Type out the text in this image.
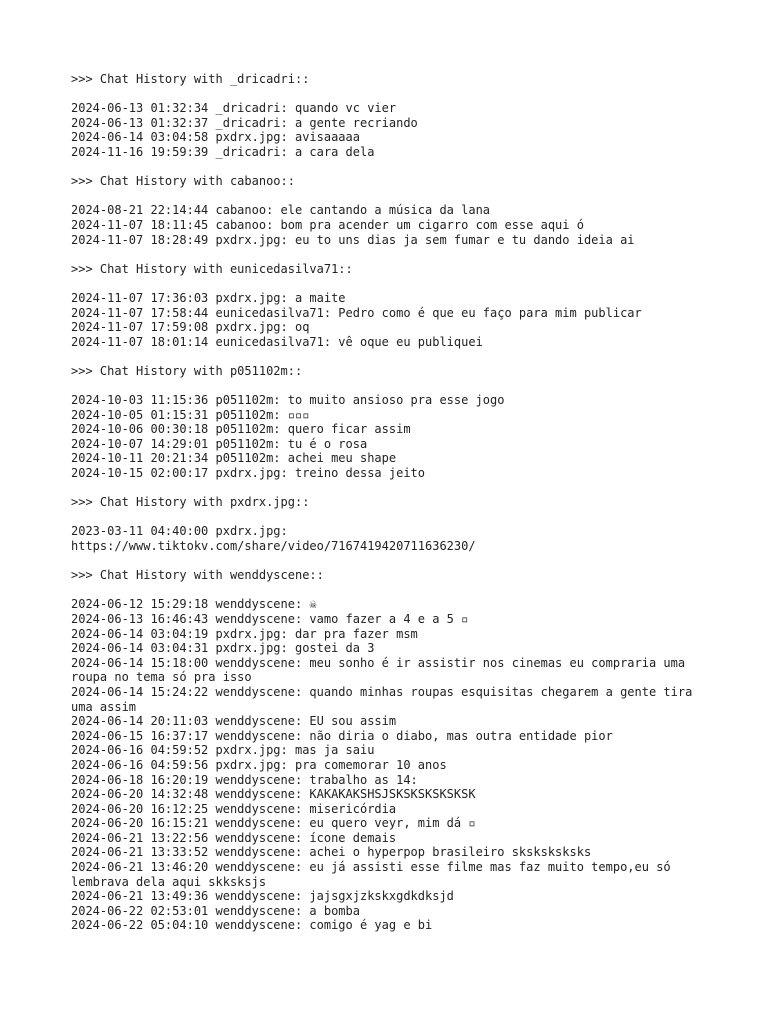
>>> Chat History with _dricadri::
2024-06-13 01:32:34 _dricadri: quando vc vier
2024-06-13 01:32:37 _dricadri: a gente recriando
2024-06-14 03:04:58 pxdrx.jpg: avisaaaaa
2024-11-16 19:59:39 _dricadri: a cara dela
>>> Chat History with cabanoo::
2024-08-21 22:14:44 cabanoo: ele cantando a música da lana
2024-11-07 18:11:45 cabanoo: bom pra acender um cigarro com esse aqui ó
2024-11-07 18:28:49 pxdrx.jpg: eu to uns dias ja sem fumar e tu dando ideia ai
>>> Chat History with eunicedasilva71::
2024-11-07 17:36:03 pxdrx.jpg: a maite
2024-11-07 17:58:44 eunicedasilva71: Pedro como é que eu faço para mim publicar
2024-11-07 17:59:08 pxdrx.jpg: oq
2024-11-07 18:01:14 eunicedasilva71: vê oque eu publiquei
>>> Chat History with p051102m::
2024-10-03 11:15:36 p051102m: to muito ansioso pra esse jogo
2024-10-05 01:15:31 p051102m: ▫▫▫
2024-10-06 00:30:18 p051102m: quero ficar assim
2024-10-07 14:29:01 p051102m: tu é o rosa
2024-10-11 20:21:34 p051102m: achei meu shape
2024-10-15 02:00:17 pxdrx.jpg: treino dessa jeito
>>> Chat History with pxdrx.jpg::
2023-03-11 04:40:00 pxdrx.jpg:
https://www.tiktokv.com/share/video/7167419420711636230/
>>> Chat History with wenddyscene::
2024-06-12 15:29:18 wenddyscene: ☠
2024-06-13 16:46:43 wenddyscene: vamo fazer a 4 e a 5 ▫
2024-06-14 03:04:19 pxdrx.jpg: dar pra fazer msm
2024-06-14 03:04:31 pxdrx.jpg: gostei da 3
2024-06-14 15:18:00 wenddyscene: meu sonho é ir assistir nos cinemas eu compraria uma roupa no tema só pra isso
2024-06-14 15:24:22 wenddyscene: quando minhas roupas esquisitas chegarem a gente tira uma assim
2024-06-14 20:11:03 wenddyscene: EU sou assim
2024-06-15 16:37:17 wenddyscene: não diria o diabo, mas outra entidade pior
2024-06-16 04:59:52 pxdrx.jpg: mas ja saiu
2024-06-16 04:59:56 pxdrx.jpg: pra comemorar 10 anos
2024-06-18 16:20:19 wenddyscene: trabalho as 14:
2024-06-20 14:32:48 wenddyscene: KAKAKAKSHSJSKSKSKSKSKSK
2024-06-20 16:12:25 wenddyscene: misericórdia
2024-06-20 16:15:21 wenddyscene: eu quero veyr, mim dá ▫
2024-06-21 13:22:56 wenddyscene: ícone demais
2024-06-21 13:33:52 wenddyscene: achei o hyperpop brasileiro sksksksksks
2024-06-21 13:46:20 wenddyscene: eu já assisti esse filme mas faz muito tempo,eu só lembrava dela aqui skksksjs
2024-06-21 13:49:36 wenddyscene: jajsgxjzkskxgdkdksjd
2024-06-22 02:53:01 wenddyscene: a bomba
2024-06-22 05:04:10 wenddyscene: comigo é yag e bi
